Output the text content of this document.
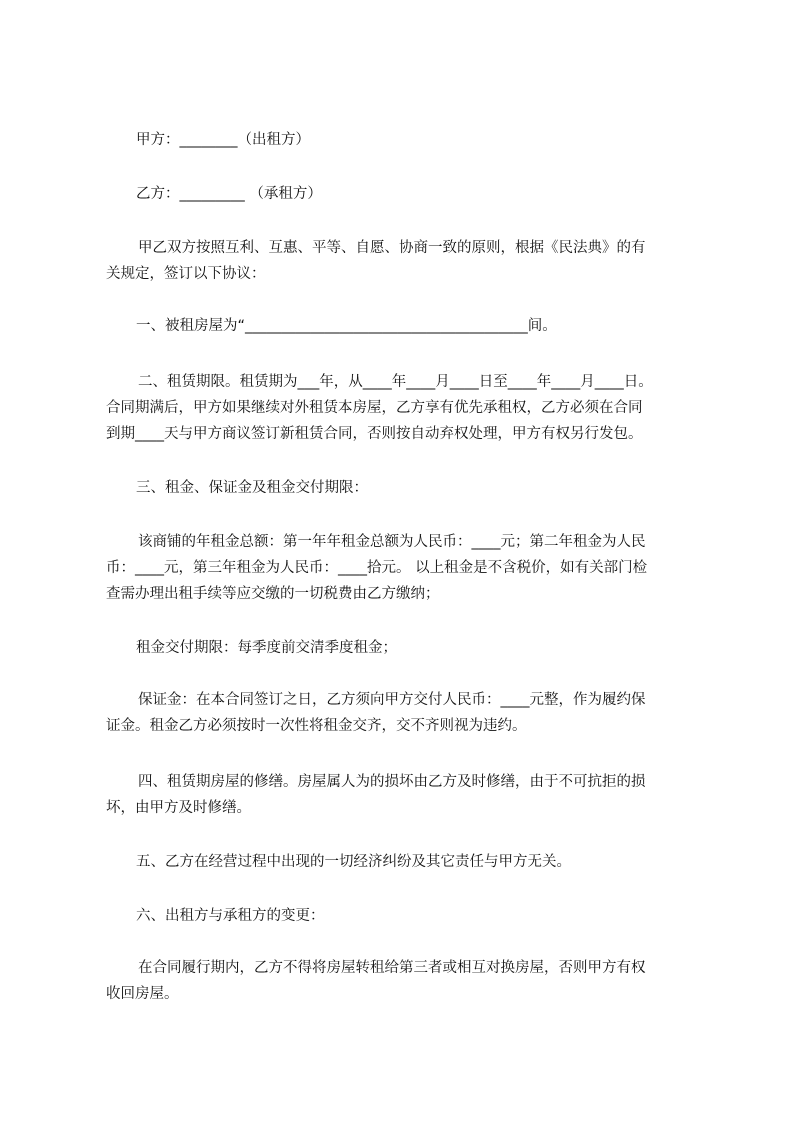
甲方：________（出租方）

乙方：_________ （承租方）

甲乙双方按照互利、互惠、平等、自愿、协商一致的原则，根据《民法典》的有

关规定，签订以下协议：

一、被租房屋为“_______________________________________间。

二、租赁期限。租赁期为___年，从____年____月____日至____年____月____日。

合同期满后，甲方如果继续对外租赁本房屋，乙方享有优先承租权，乙方必须在合同

到期____天与甲方商议签订新租赁合同，否则按自动弃权处理，甲方有权另行发包。

三、租金、保证金及租金交付期限：

该商铺的年租金总额：第一年年租金总额为人民币：____元；第二年租金为人民

币：____元，第三年租金为人民币：____拾元。 以上租金是不含税价，如有关部门检

查需办理出租手续等应交缴的一切税费由乙方缴纳；

租金交付期限：每季度前交清季度租金；

保证金：在本合同签订之日，乙方须向甲方交付人民币：____元整，作为履约保

证金。租金乙方必须按时一次性将租金交齐，交不齐则视为违约。

四、租赁期房屋的修缮。房屋属人为的损坏由乙方及时修缮，由于不可抗拒的损

坏，由甲方及时修缮。

五、乙方在经营过程中出现的一切经济纠纷及其它责任与甲方无关。

六、出租方与承租方的变更：

在合同履行期内，乙方不得将房屋转租给第三者或相互对换房屋，否则甲方有权

收回房屋。
